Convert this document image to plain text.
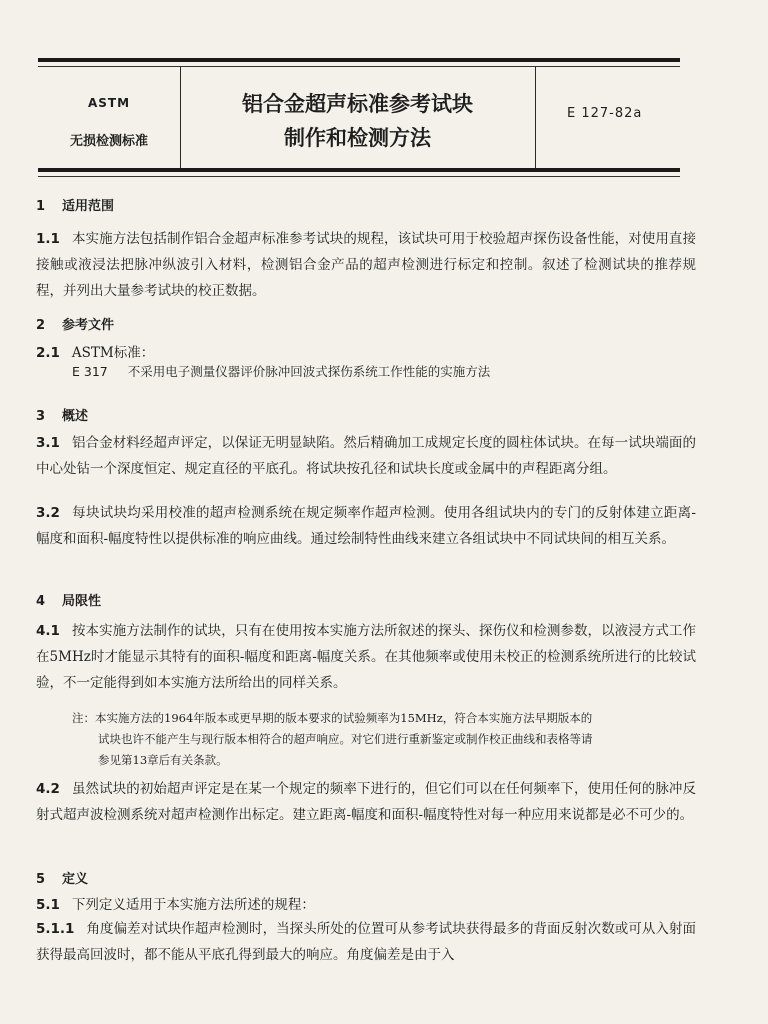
ASTM
无损检测标准
铝合金超声标准参考试块
制作和检测方法
E 127-82a
1 适用范围
1.1 本实施方法包括制作铝合金超声标准参考试块的规程，该试块可用于校验超声探伤设备性能，对使用直接接触或液浸法把脉冲纵波引入材料，检测铝合金产品的超声检测进行标定和控制。叙述了检测试块的推荐规程，并列出大量参考试块的校正数据。
2 参考文件
2.1 ASTM标准：
E 317 不采用电子测量仪器评价脉冲回波式探伤系统工作性能的实施方法
3 概述
3.1 铝合金材料经超声评定，以保证无明显缺陷。然后精确加工成规定长度的圆柱体试块。在每一试块端面的中心处钻一个深度恒定、规定直径的平底孔。将试块按孔径和试块长度或金属中的声程距离分组。
3.2 每块试块均采用校准的超声检测系统在规定频率作超声检测。使用各组试块内的专门的反射体建立距离-幅度和面积-幅度特性以提供标准的响应曲线。通过绘制特性曲线来建立各组试块中不同试块间的相互关系。
4 局限性
4.1 按本实施方法制作的试块，只有在使用按本实施方法所叙述的探头、探伤仪和检测参数，以液浸方式工作在5MHz时才能显示其特有的面积-幅度和距离-幅度关系。在其他频率或使用未校正的检测系统所进行的比较试验，不一定能得到如本实施方法所给出的同样关系。
注：本实施方法的1964年版本或更早期的版本要求的试验频率为15MHz，符合本实施方法早期版本的
试块也许不能产生与现行版本相符合的超声响应。对它们进行重新鉴定或制作校正曲线和表格等请
参见第13章后有关条款。
4.2 虽然试块的初始超声评定是在某一个规定的频率下进行的，但它们可以在任何频率下，使用任何的脉冲反射式超声波检测系统对超声检测作出标定。建立距离-幅度和面积-幅度特性对每一种应用来说都是必不可少的。
5 定义
5.1 下列定义适用于本实施方法所述的规程：
5.1.1 角度偏差对试块作超声检测时，当探头所处的位置可从参考试块获得最多的背面反射次数或可从入射面获得最高回波时，都不能从平底孔得到最大的响应。角度偏差是由于入
